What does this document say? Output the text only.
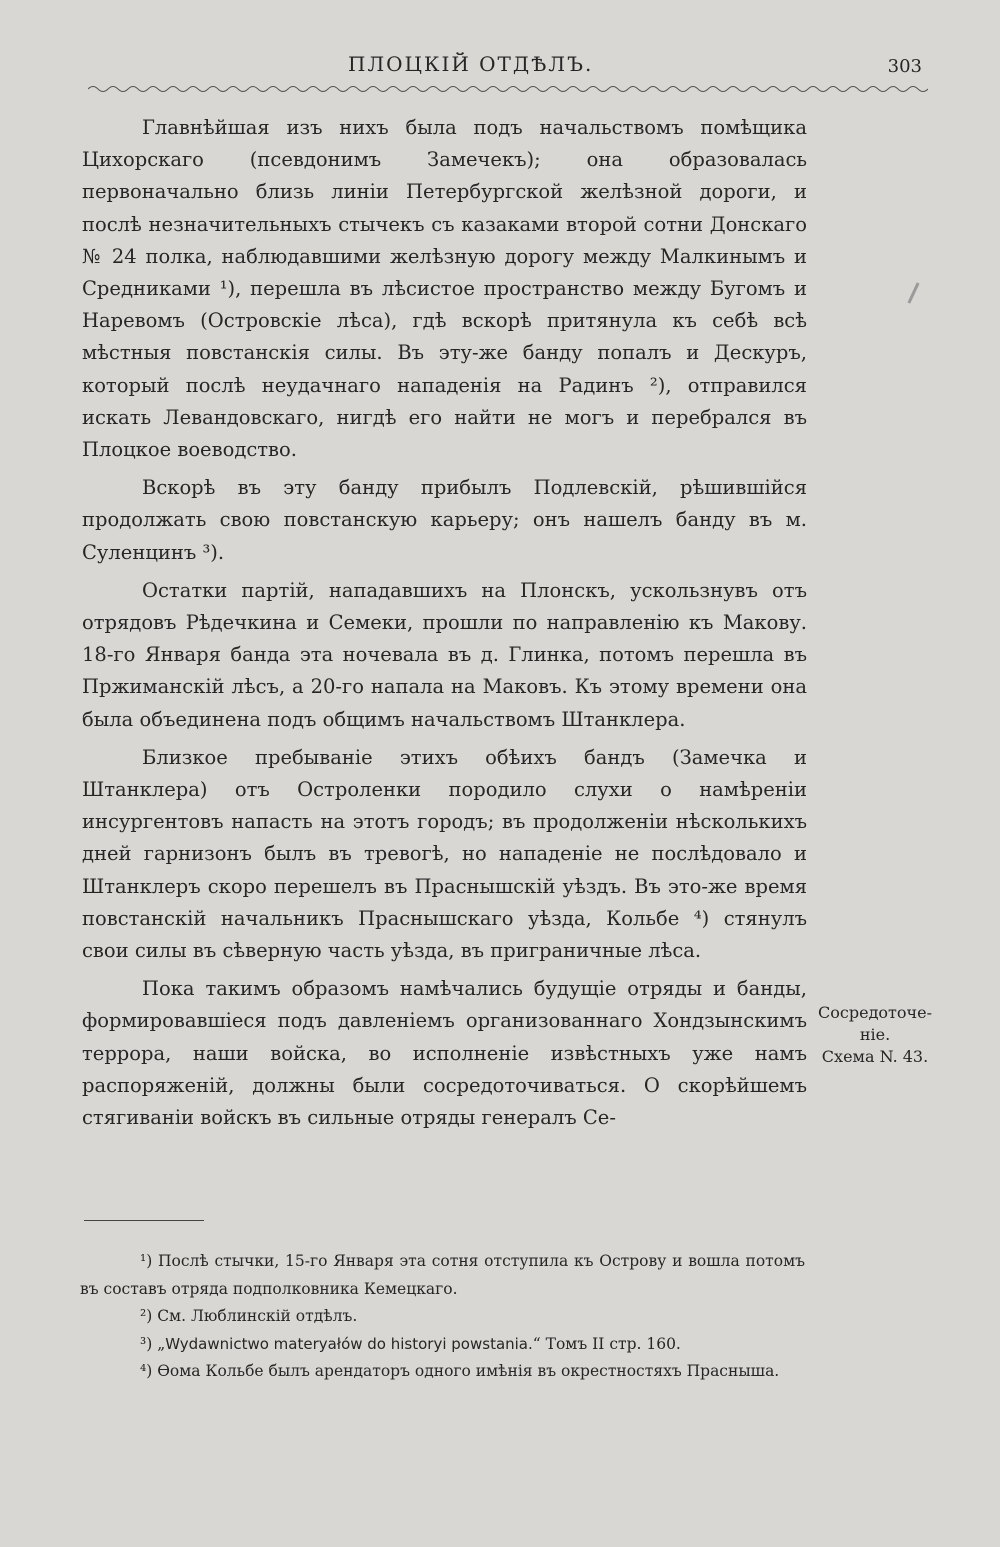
ПЛОЦКІЙ ОТДѢЛЪ.	303

Главнѣйшая изъ нихъ была подъ начальствомъ помѣщика Цихорскаго (псевдонимъ Замечекъ); она образовалась первоначально близь линіи Петербургской желѣзной дороги, и послѣ незначительныхъ стычекъ съ казаками второй сотни Донскаго № 24 полка, наблюдавшими желѣзную дорогу между Малкинымъ и Средниками ¹), перешла въ лѣсистое пространство между Бугомъ и Наревомъ (Островскіе лѣса), гдѣ вскорѣ притянула къ себѣ всѣ мѣстныя повстанскія силы. Въ эту-же банду попалъ и Дескуръ, который послѣ неудачнаго нападенія на Радинъ ²), отправился искать Левандовскаго, нигдѣ его найти не могъ и перебрался въ Плоцкое воеводство.

Вскорѣ въ эту банду прибылъ Подлевскій, рѣшившійся продолжать свою повстанскую карьеру; онъ нашелъ банду въ м. Суленцинъ ³).

Остатки партій, нападавшихъ на Плонскъ, ускользнувъ отъ отрядовъ Рѣдечкина и Семеки, прошли по направленію къ Макову. 18-го Января банда эта ночевала въ д. Глинка, потомъ перешла въ Пржиманскій лѣсъ, а 20-го напала на Маковъ. Къ этому времени она была объединена подъ общимъ начальствомъ Штанклера.

Близкое пребываніе этихъ обѣихъ бандъ (Замечка и Штанклера) отъ Остроленки породило слухи о намѣреніи инсургентовъ напасть на этотъ городъ; въ продолженіи нѣсколькихъ дней гарнизонъ былъ въ тревогѣ, но нападеніе не послѣдовало и Штанклеръ скоро перешелъ въ Праснышскій уѣздъ. Въ это-же время повстанскій начальникъ Праснышскаго уѣзда, Кольбе ⁴) стянулъ свои силы въ сѣверную часть уѣзда, въ приграничные лѣса.

Пока такимъ образомъ намѣчались будущіе отряды и банды, формировавшіеся подъ давленіемъ организованнаго Хондзынскимъ террора, наши войска, во исполненіе извѣстныхъ уже намъ распоряженій, должны были сосредоточиваться. О скорѣйшемъ стягиваніи войскъ въ сильные отряды генералъ Се-

Сосредоточе-
ніе.
Схема N. 43.

¹) Послѣ стычки, 15-го Января эта сотня отступила къ Острову и вошла потомъ въ составъ отряда подполковника Кемецкаго.

²) См. Люблинскій отдѣлъ.

³) „Wydawnictwo materyałów do historyi powstania.“ Томъ II стр. 160.

⁴) Ѳома Кольбе былъ арендаторъ одного имѣнія въ окрестностяхъ Прасныша.
